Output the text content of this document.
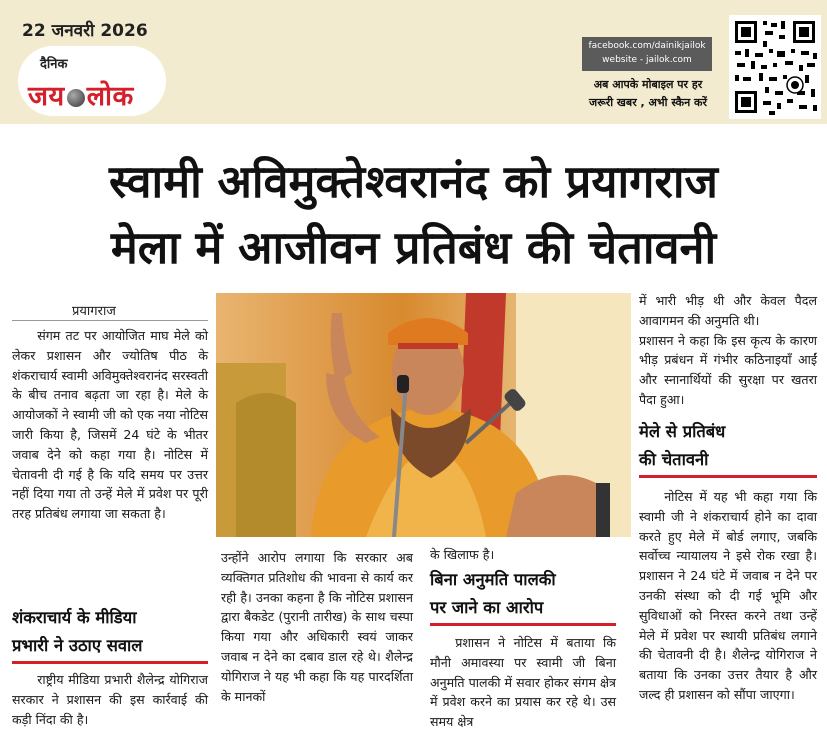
22 जनवरी 2026
दैनिक
जय लोक
facebook.com/dainikjailok
website - jailok.com
अब आपके मोबाइल पर हर
जरूरी खबर , अभी स्कैन करें
स्वामी अविमुक्तेश्वरानंद को प्रयागराज
मेला में आजीवन प्रतिबंध की चेतावनी
प्रयागराज

संगम तट पर आयोजित माघ मेले को लेकर प्रशासन और ज्योतिष पीठ के शंकराचार्य स्वामी अविमुक्तेश्वरानंद सरस्वती के बीच तनाव बढ़ता जा रहा है। मेले के आयोजकों ने स्वामी जी को एक नया नोटिस जारी किया है, जिसमें 24 घंटे के भीतर जवाब देने को कहा गया है। नोटिस में चेतावनी दी गई है कि यदि समय पर उत्तर नहीं दिया गया तो उन्हें मेले में प्रवेश पर पूरी तरह प्रतिबंध लगाया जा सकता है।

शंकराचार्य के मीडिया
प्रभारी ने उठाए सवाल

राष्ट्रीय मीडिया प्रभारी शैलेन्द्र योगिराज सरकार ने प्रशासन की इस कार्रवाई की कड़ी निंदा की है।

उन्होंने आरोप लगाया कि सरकार अब व्यक्तिगत प्रतिशोध की भावना से कार्य कर रही है। उनका कहना है कि नोटिस प्रशासन द्वारा बैकडेट (पुरानी तारीख) के साथ चस्पा किया गया और अधिकारी स्वयं जाकर जवाब न देने का दबाव डाल रहे थे। शैलेन्द्र योगिराज ने यह भी कहा कि यह पारदर्शिता के मानकों

के खिलाफ है।

बिना अनुमति पालकी
पर जाने का आरोप

प्रशासन ने नोटिस में बताया कि मौनी अमावस्या पर स्वामी जी बिना अनुमति पालकी में सवार होकर संगम क्षेत्र में प्रवेश करने का प्रयास कर रहे थे। उस समय क्षेत्र

में भारी भीड़ थी और केवल पैदल आवागमन की अनुमति थी।

प्रशासन ने कहा कि इस कृत्य के कारण भीड़ प्रबंधन में गंभीर कठिनाइयाँ आईं और स्नानार्थियों की सुरक्षा पर खतरा पैदा हुआ।

मेले से प्रतिबंध
की चेतावनी

नोटिस में यह भी कहा गया कि स्वामी जी ने शंकराचार्य होने का दावा करते हुए मेले में बोर्ड लगाए, जबकि सर्वोच्च न्यायालय ने इसे रोक रखा है। प्रशासन ने 24 घंटे में जवाब न देने पर उनकी संस्था को दी गई भूमि और सुविधाओं को निरस्त करने तथा उन्हें मेले में प्रवेश पर स्थायी प्रतिबंध लगाने की चेतावनी दी है। शैलेन्द्र योगिराज ने बताया कि उनका उत्तर तैयार है और जल्द ही प्रशासन को सौंपा जाएगा।
